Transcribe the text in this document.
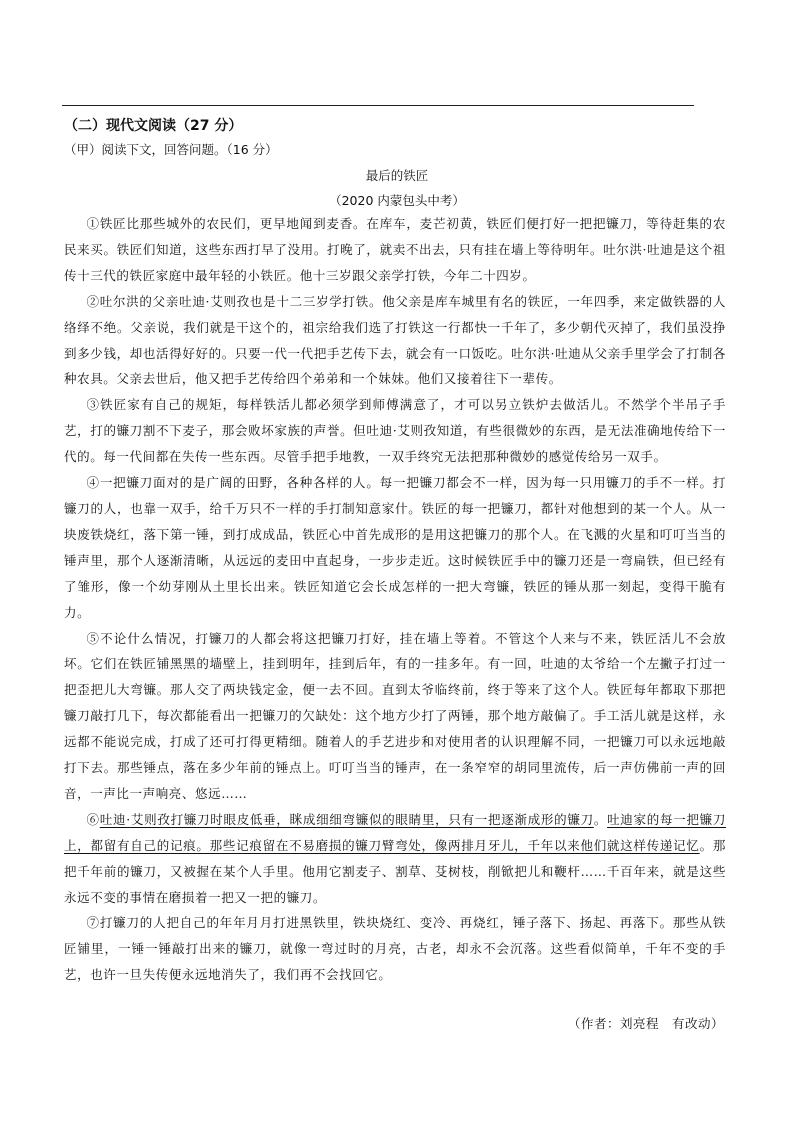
（二）现代文阅读（27 分）
（甲）阅读下文，回答问题。（16 分）
最后的铁匠
（2020 内蒙包头中考）

①铁匠比那些城外的农民们，更早地闻到麦香。在库车，麦芒初黄，铁匠们便打好一把把镰刀，等待赶集的农民来买。铁匠们知道，这些东西打早了没用。打晚了，就卖不出去，只有挂在墙上等待明年。吐尔洪·吐迪是这个祖传十三代的铁匠家庭中最年轻的小铁匠。他十三岁跟父亲学打铁，今年二十四岁。

②吐尔洪的父亲吐迪·艾则孜也是十二三岁学打铁。他父亲是库车城里有名的铁匠，一年四季，来定做铁器的人络绎不绝。父亲说，我们就是干这个的，祖宗给我们选了打铁这一行都快一千年了，多少朝代灭掉了，我们虽没挣到多少钱，却也活得好好的。只要一代一代把手艺传下去，就会有一口饭吃。吐尔洪·吐迪从父亲手里学会了打制各种农具。父亲去世后，他又把手艺传给四个弟弟和一个妹妹。他们又接着往下一辈传。

③铁匠家有自己的规矩，每样铁活儿都必须学到师傅满意了，才可以另立铁炉去做活儿。不然学个半吊子手艺，打的镰刀割不下麦子，那会败坏家族的声誉。但吐迪·艾则孜知道，有些很微妙的东西，是无法准确地传给下一代的。每一代间都在失传一些东西。尽管手把手地教，一双手终究无法把那种微妙的感觉传给另一双手。

④一把镰刀面对的是广阔的田野，各种各样的人。每一把镰刀都会不一样，因为每一只用镰刀的手不一样。打镰刀的人，也靠一双手，给千万只不一样的手打制知意家什。铁匠的每一把镰刀，都针对他想到的某一个人。从一块废铁烧红，落下第一锤，到打成成品，铁匠心中首先成形的是用这把镰刀的那个人。在飞溅的火星和叮叮当当的锤声里，那个人逐渐清晰，从远远的麦田中直起身，一步步走近。这时候铁匠手中的镰刀还是一弯扁铁，但已经有了雏形，像一个幼芽刚从土里长出来。铁匠知道它会长成怎样的一把大弯镰，铁匠的锤从那一刻起，变得干脆有力。

⑤不论什么情况，打镰刀的人都会将这把镰刀打好，挂在墙上等着。不管这个人来与不来，铁匠活儿不会放坏。它们在铁匠铺黑黑的墙壁上，挂到明年，挂到后年，有的一挂多年。有一回，吐迪的太爷给一个左撇子打过一把歪把儿大弯镰。那人交了两块钱定金，便一去不回。直到太爷临终前，终于等来了这个人。铁匠每年都取下那把镰刀敲打几下，每次都能看出一把镰刀的欠缺处：这个地方少打了两锤，那个地方敲偏了。手工活儿就是这样，永远都不能说完成，打成了还可打得更精细。随着人的手艺进步和对使用者的认识理解不同，一把镰刀可以永远地敲打下去。那些锤点，落在多少年前的锤点上。叮叮当当的锤声，在一条窄窄的胡同里流传，后一声仿佛前一声的回音，一声比一声响亮、悠远……

⑥吐迪·艾则孜打镰刀时眼皮低垂，眯成细细弯镰似的眼睛里，只有一把逐渐成形的镰刀。吐迪家的每一把镰刀上，都留有自己的记痕。那些记痕留在不易磨损的镰刀臂弯处，像两排月牙儿，千年以来他们就这样传递记忆。那把千年前的镰刀，又被握在某个人手里。他用它割麦子、割草、芟树枝，削锨把儿和鞭杆……千百年来，就是这些永远不变的事情在磨损着一把又一把的镰刀。

⑦打镰刀的人把自己的年年月月打进黑铁里，铁块烧红、变冷、再烧红，锤子落下、扬起、再落下。那些从铁匠铺里，一锤一锤敲打出来的镰刀，就像一弯过时的月亮，古老，却永不会沉落。这些看似简单，千年不变的手艺，也许一旦失传便永远地消失了，我们再不会找回它。

（作者：刘亮程　有改动）
